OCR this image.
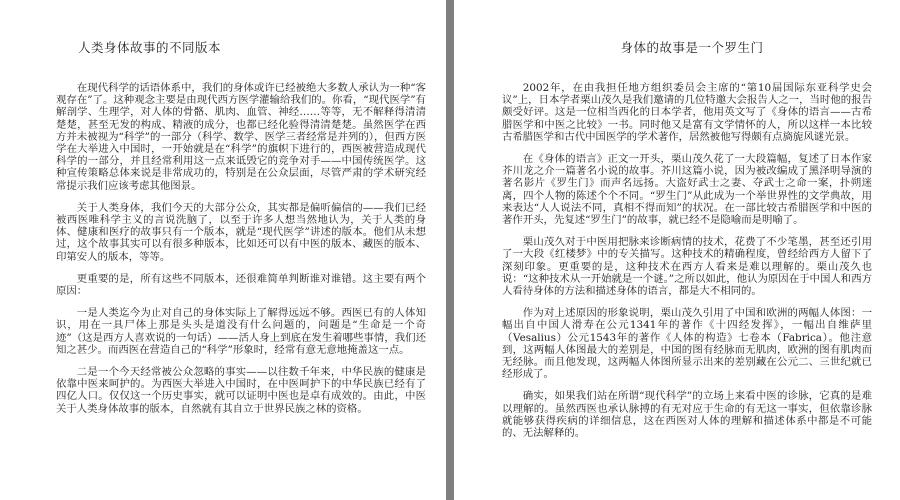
人类身体故事的不同版本

在现代科学的话语体系中，我们的身体或许已经被绝大多数人承认为一种“客观存在”了。这种观念主要是由现代西方医学灌输给我们的。你看，“现代医学”有解剖学、生理学，对人体的骨骼、肌肉、血管、神经……等等，无不解释得清清楚楚，甚至无发的构成、精液的成分，也都已经化验得清清楚楚。虽然医学在西方并未被视为“科学”的一部分（科学、数学、医学三者经常是并列的），但西方医学在大举进入中国时，一开始就是在“科学”的旗帜下进行的，西医被营造成现代科学的一部分，并且经常利用这一点来诋毁它的竞争对手——中国传统医学。这种宣传策略总体来说是非常成功的，特别是在公众层面，尽管严肃的学术研究经常提示我们应该考虑其他图景。

关于人类身体，我们今天的大部分公众，其实都是偏听偏信的——我们已经被西医唯科学主义的言说洗脑了，以至于许多人想当然地认为，关于人类的身体、健康和医疗的故事只有一个版本，就是“现代医学”讲述的版本。他们从未想过，这个故事其实可以有很多种版本，比如还可以有中医的版本、藏医的版本、印第安人的版本，等等。

更重要的是，所有这些不同版本，还很难简单判断谁对谁错。这主要有两个原因：

一是人类迄今为止对自己的身体实际上了解得远远不够。西医已有的人体知识，用在一具尸体上那是头头是道没有什么问题的，问题是“生命是一个奇迹”（这是西方人喜欢说的一句话）——活人身上到底在发生着哪些事情，我们还知之甚少。而西医在营造自己的“科学”形象时，经常有意无意地掩盖这一点。

二是一个今天经常被公众忽略的事实——以往数千年来，中华民族的健康是依靠中医来呵护的。为西医大举进入中国时，在中医呵护下的中华民族已经有了四亿人口。仅仅这一个历史事实，就可以证明中医也是卓有成效的。由此，中医关于人类身体故事的版本，自然就有其自立于世界民族之林的资格。

身体的故事是一个罗生门

2002年，在由我担任地方组织委员会主席的“第10届国际东亚科学史会议”上，日本学者栗山茂久是我们邀请的几位特邀大会报告人之一，当时他的报告颇受好评。这是一位相当西化的日本学者，他用英文写了《身体的语言——古希腊医学和中医之比较》一书。同时他又是富有文学情怀的人，所以这样一本比较古希腊医学和古代中国医学的学术著作，居然被他写得颇有点旖旎风谜光景。

在《身体的语言》正文一开头，栗山茂久花了一大段篇幅，复述了日本作家芥川龙之介一篇著名小说的故事。芥川这篇小说，因为被改编成了黑泽明导演的著名影片《罗生门》而声名远扬。大盗好武士之妻、夺武士之命一案，扑朔迷离，四个人物的陈述个个不同。“罗生门”从此成为一个举世界性的文学典故，用来表达“人人说法不同，真相不得而知”的状况。在一部比较古希腊医学和中医的著作开头，先复述“罗生门”的故事，就已经不是隐喻而是明喻了。

栗山茂久对于中医用把脉来诊断病情的技术，花费了不少笔墨，甚至还引用了一大段《红楼梦》中的专关描写。这种技术的精确程度，曾经给西方人留下了深刻印象。更重要的是，这种技术在西方人看来是难以理解的。栗山茂久也说：“这种技术从一开始就是一个谜。”之所以如此，他认为原因在于中国人和西方人看待身体的方法和描述身体的语言，都是大不相同的。

作为对上述原因的形象说明，栗山茂久引用了中国和欧洲的两幅人体图：一幅出自中国人滑寿在公元1341年的著作《十四经发挥》，一幅出自维萨里（Vesalius）公元1543年的著作《人体的构造》七卷本（Fabrica）。他注意到，这两幅人体图最大的差别是，中国的图有经脉而无肌肉，欧洲的图有肌肉而无经脉。而且他发现，这两幅人体图所显示出来的差别藏在公元二、三世纪就已经形成了。

确实，如果我们站在所谓“现代科学”的立场上来看中医的诊脉，它真的是难以理解的。虽然西医也承认脉搏的有无对应于生命的有无这一事实，但依靠诊脉就能够获得疾病的详细信息，这在西医对人体的理解和描述体系中都是不可能的、无法解释的。
